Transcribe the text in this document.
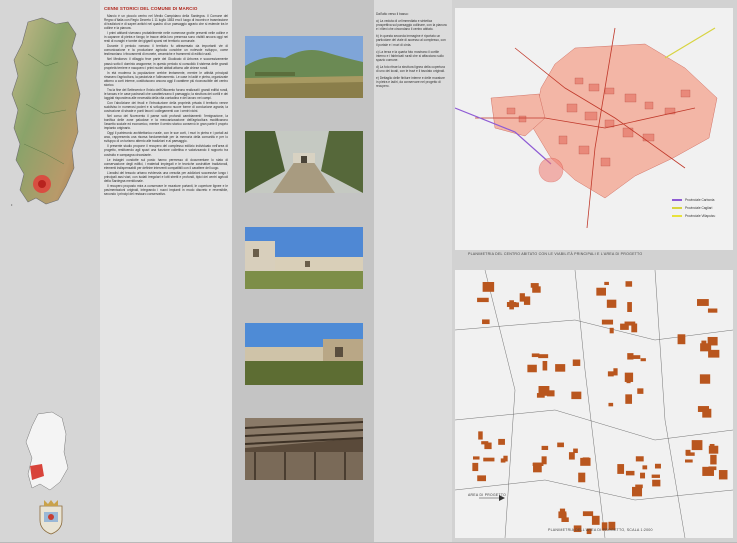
•
CENNI STORICI DEL COMUNE DI MARCIO

Marcio è un piccolo centro nel Medio Campidano della Sardegna. Il Comune del Regno d'Italia con Regio Decreto 1 11 luglio 1853 era il luogo di incontro e trasmissione di tradizioni e di saperi antichi nel quadro di un paesaggio agrario che si estende tra le colline e la pianura.

I primi abitanti vivevano probabilmente nelle numerose grotte presenti nelle colline e in capanne di pietra e fango; le tracce della loro presenza sono visibili ancora oggi nei resti di nuraghi e tombe dei giganti sparsi nel territorio comunale.

Durante il periodo romano il territorio fu attraversato da importanti vie di comunicazione e la produzione agricola conobbe un notevole sviluppo, come testimoniano i ritrovamenti di monete, ceramiche e frammenti di edifici rurali.

Nel Medioevo il villaggio fece parte del Giudicato di Arborea e successivamente passò sotto il dominio aragonese; in questo periodo si consolidò il sistema delle grandi proprietà terriere e nacquero i primi nuclei abitati attorno alle chiese rurali.

In età moderna la popolazione crebbe lentamente, mentre le attività principali rimasero l'agricoltura, la pastorizia e l'allevamento. Le case in ladiri e pietra, organizzate attorno a corti interne, costituiscono ancora oggi il carattere più riconoscibile del centro storico.

Tra la fine del Settecento e l'inizio dell'Ottocento furono realizzati i grandi edifici rurali, le tancas e le case padronali che caratterizzano il paesaggio; la struttura dei cortili e dei loggiati rispondeva alle necessità della vita contadina e del lavoro nei campi.

Con l'abolizione dei feudi e l'introduzione della proprietà privata il territorio venne suddiviso in numerosi poderi e si svilupparono nuove forme di conduzione agraria; la costruzione di strade e ponti favorì i collegamenti con i centri vicini.

Nel corso del Novecento il paese subì profondi cambiamenti: l'emigrazione, la bonifica delle zone paludose e la meccanizzazione dell'agricoltura modificarono l'assetto sociale ed economico, mentre il centro storico conservò in gran parte il proprio impianto originario.

Oggi il patrimonio architettonico rurale, con le sue corti, i muri in pietra e i portali ad arco, rappresenta una risorsa fondamentale per la memoria della comunità e per lo sviluppo di un turismo attento alle tradizioni e al paesaggio.

Il presente studio propone il recupero del complesso edilizio individuato nell'area di progetto, restituendo agli spazi una funzione collettiva e valorizzando il rapporto tra costruito e campagna circostante.

Le indagini condotte sul posto hanno permesso di documentare lo stato di conservazione degli edifici, i materiali impiegati e le tecniche costruttive tradizionali, elementi indispensabili per definire interventi compatibili con il carattere del luogo.

L'analisi del tessuto urbano evidenzia una crescita per addizioni successive lungo i principali assi viari, con isolati irregolari e lotti stretti e profondi, tipici dei centri agricoli della Sardegna meridionale.

Il recupero proposto mira a conservare le murature portanti, le coperture lignee e le pavimentazioni originali, integrando i nuovi impianti in modo discreto e reversibile, secondo i principi del restauro conservativo.

Dall'alto verso il basso:

a) La veduta di un'immediata e sintetica prospettiva sul paesaggio collinare, con la pianura e i rilievi che circondano il centro abitato.

b) In questa seconda immagine è riportato un particolare del viale di accesso al complesso, con il portale e i muri di cinta.

c) La terza e la quarta foto mostrano il cortile interno e i fabbricati rurali che si affacciano sullo spazio comune.

d) La foto ritrae la struttura lignea della copertura di uno dei locali, con le travi e il tavolato originali.

e) Dettaglio delle finiture interne e delle murature in pietra e ladiri, da conservare nel progetto di recupero.

PLANIMETRIA DEL CENTRO ABITATO CON LE VIABILITÀ PRINCIPALI E L'AREA DI PROGETTO
Provinciale Carbonia
Provinciale Cagliari
Provinciale Villaputzu
AREA DI PROGETTO
PLANIMETRIA DELL'AREA DI PROGETTO, SCALA 1:2000
